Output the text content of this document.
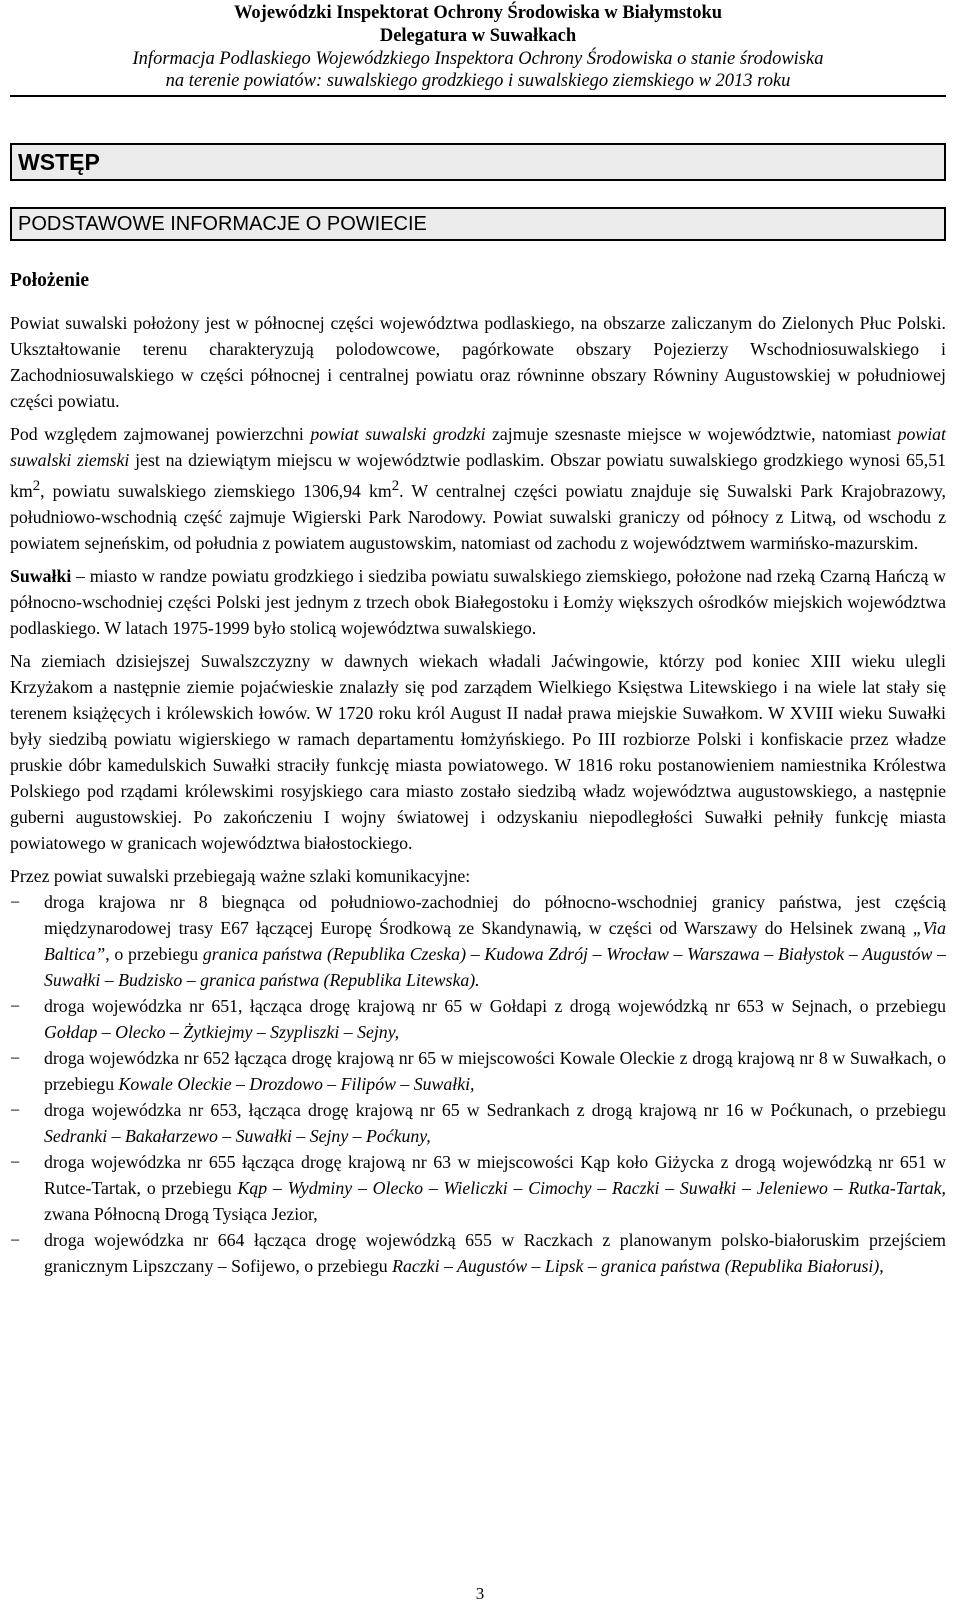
Wojewódzki Inspektorat Ochrony Środowiska w Białymstoku
Delegatura w Suwałkach
Informacja Podlaskiego Wojewódzkiego Inspektora Ochrony Środowiska o stanie środowiska
na terenie powiatów: suwalskiego grodzkiego i suwalskiego ziemskiego w 2013 roku
WSTĘP
PODSTAWOWE INFORMACJE O POWIECIE
Położenie

Powiat suwalski położony jest w północnej części województwa podlaskiego, na obszarze zaliczanym do Zielonych Płuc Polski. Ukształtowanie terenu charakteryzują polodowcowe, pagórkowate obszary Pojezierzy Wschodniosuwalskiego i Zachodniosuwalskiego w części północnej i centralnej powiatu oraz równinne obszary Równiny Augustowskiej w południowej części powiatu.

Pod względem zajmowanej powierzchni powiat suwalski grodzki zajmuje szesnaste miejsce w województwie, natomiast powiat suwalski ziemski jest na dziewiątym miejscu w województwie podlaskim. Obszar powiatu suwalskiego grodzkiego wynosi 65,51 $km^2$, powiatu suwalskiego ziemskiego 1306,94 $km^2$. W centralnej części powiatu znajduje się Suwalski Park Krajobrazowy, południowo-wschodnią część zajmuje Wigierski Park Narodowy. Powiat suwalski graniczy od północy z Litwą, od wschodu z powiatem sejneńskim, od południa z powiatem augustowskim, natomiast od zachodu z województwem warmińsko-mazurskim.

Suwałki – miasto w randze powiatu grodzkiego i siedziba powiatu suwalskiego ziemskiego, położone nad rzeką Czarną Hańczą w północno-wschodniej części Polski jest jednym z trzech obok Białegostoku i Łomży większych ośrodków miejskich województwa podlaskiego. W latach 1975-1999 było stolicą województwa suwalskiego.

Na ziemiach dzisiejszej Suwalszczyzny w dawnych wiekach władali Jaćwingowie, którzy pod koniec XIII wieku ulegli Krzyżakom a następnie ziemie pojaćwieskie znalazły się pod zarządem Wielkiego Księstwa Litewskiego i na wiele lat stały się terenem książęcych i królewskich łowów. W 1720 roku król August II nadał prawa miejskie Suwałkom. W XVIII wieku Suwałki były siedzibą powiatu wigierskiego w ramach departamentu łomżyńskiego. Po III rozbiorze Polski i konfiskacie przez władze pruskie dóbr kamedulskich Suwałki straciły funkcję miasta powiatowego. W 1816 roku postanowieniem namiestnika Królestwa Polskiego pod rządami królewskimi rosyjskiego cara miasto zostało siedzibą władz województwa augustowskiego, a następnie guberni augustowskiej. Po zakończeniu I wojny światowej i odzyskaniu niepodległości Suwałki pełniły funkcję miasta powiatowego w granicach województwa białostockiego.

Przez powiat suwalski przebiegają ważne szlaki komunikacyjne:

− droga krajowa nr 8 biegnąca od południowo-zachodniej do północno-wschodniej granicy państwa, jest częścią międzynarodowej trasy E67 łączącej Europę Środkową ze Skandynawią, w części od Warszawy do Helsinek zwaną „Via Baltica”, o przebiegu granica państwa (Republika Czeska) – Kudowa Zdrój – Wrocław – Warszawa – Białystok – Augustów – Suwałki – Budzisko – granica państwa (Republika Litewska).
− droga wojewódzka nr 651, łącząca drogę krajową nr 65 w Gołdapi z drogą wojewódzką nr 653 w Sejnach, o przebiegu Gołdap – Olecko – Żytkiejmy – Szypliszki – Sejny,
− droga wojewódzka nr 652 łącząca drogę krajową nr 65 w miejscowości Kowale Oleckie z drogą krajową nr 8 w Suwałkach, o przebiegu Kowale Oleckie – Drozdowo – Filipów – Suwałki,
− droga wojewódzka nr 653, łącząca drogę krajową nr 65 w Sedrankach z drogą krajową nr 16 w Poćkunach, o przebiegu Sedranki – Bakałarzewo – Suwałki – Sejny – Poćkuny,
− droga wojewódzka nr 655 łącząca drogę krajową nr 63 w miejscowości Kąp koło Giżycka z drogą wojewódzką nr 651 w Rutce-Tartak, o przebiegu Kąp – Wydminy – Olecko – Wieliczki – Cimochy – Raczki – Suwałki – Jeleniewo – Rutka-Tartak, zwana Północną Drogą Tysiąca Jezior,
− droga wojewódzka nr 664 łącząca drogę wojewódzką 655 w Raczkach z planowanym polsko-białoruskim przejściem granicznym Lipszczany – Sofijewo, o przebiegu Raczki – Augustów – Lipsk – granica państwa (Republika Białorusi),
3
